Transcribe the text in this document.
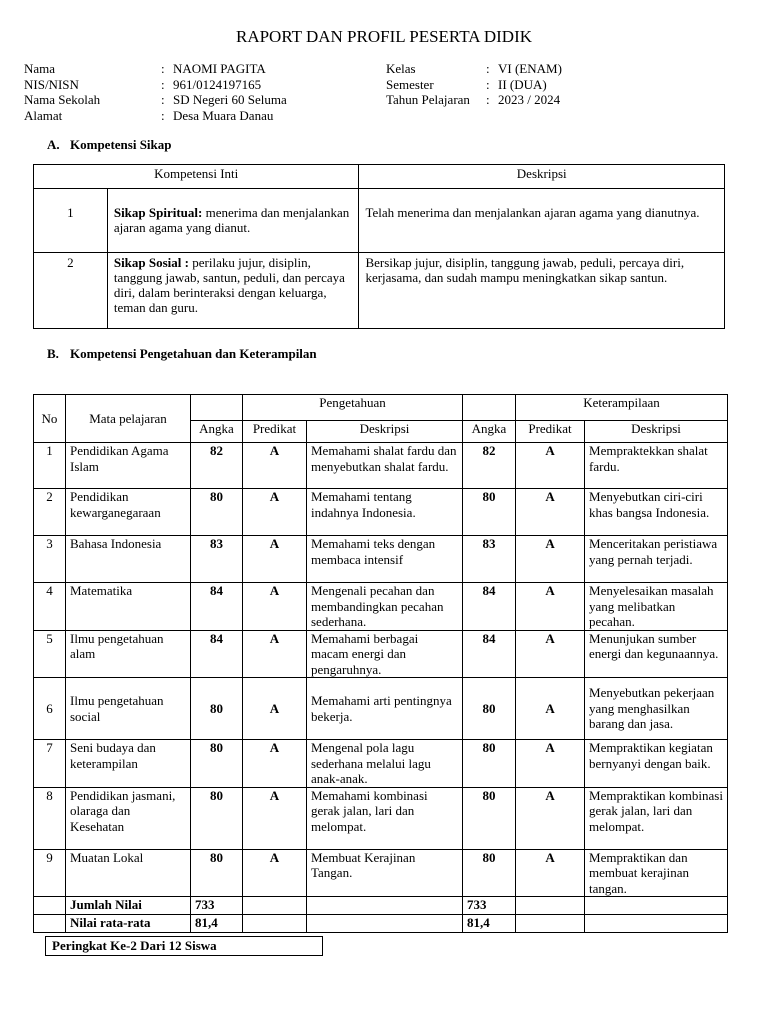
RAPORT DAN PROFIL PESERTA DIDIK
Nama	: NAOMI PAGITA
NIS/NISN	: 961/0124197165
Nama Sekolah	: SD Negeri 60 Seluma
Alamat	: Desa Muara Danau
Kelas	: VI (ENAM)
Semester	: II (DUA)
Tahun Pelajaran	: 2023 / 2024
A. Kompetensi Sikap
Kompetensi Inti		Deskripsi
1	Sikap Spiritual: menerima dan menjalankan ajaran agama yang dianut.	Telah menerima dan menjalankan ajaran agama yang dianutnya.
2	Sikap Sosial : perilaku jujur, disiplin, tanggung jawab, santun, peduli, dan percaya diri, dalam berinteraksi dengan keluarga, teman dan guru.	Bersikap jujur, disiplin, tanggung jawab, peduli, percaya diri, kerjasama, dan sudah mampu meningkatkan sikap santun.
B. Kompetensi Pengetahuan dan Keterampilan
No	Mata pelajaran		Pengetahuan			Keterampilaan	
		Angka	Predikat	Deskripsi	Angka	Predikat	Deskripsi
1	Pendidikan Agama Islam	82	A	Memahami shalat fardu dan menyebutkan shalat fardu.	82	A	Mempraktekkan shalat fardu.
2	Pendidikan kewarganegaraan	80	A	Memahami tentang indahnya Indonesia.	80	A	Menyebutkan ciri-ciri khas bangsa Indonesia.
3	Bahasa Indonesia	83	A	Memahami teks dengan membaca intensif	83	A	Menceritakan peristiawa yang pernah terjadi.
4	Matematika	84	A	Mengenali pecahan dan membandingkan pecahan sederhana.	84	A	Menyelesaikan masalah yang melibatkan pecahan.
5	Ilmu pengetahuan alam	84	A	Memahami berbagai macam energi dan pengaruhnya.	84	A	Menunjukan sumber energi dan kegunaannya.
6	Ilmu pengetahuan social	80	A	Memahami arti pentingnya bekerja.	80	A	Menyebutkan pekerjaan yang menghasilkan barang dan jasa.
7	Seni budaya dan keterampilan	80	A	Mengenal pola lagu sederhana melalui lagu anak-anak.	80	A	Mempraktikan kegiatan bernyanyi dengan baik.
8	Pendidikan jasmani, olaraga dan Kesehatan	80	A	Memahami kombinasi gerak jalan, lari dan melompat.	80	A	Mempraktikan kombinasi gerak jalan, lari dan melompat.
9	Muatan Lokal	80	A	Membuat Kerajinan Tangan.	80	A	Mempraktikan dan membuat kerajinan tangan.
	Jumlah Nilai	733			733		
	Nilai rata-rata	81,4			81,4		
Peringkat Ke-2 Dari 12 Siswa
